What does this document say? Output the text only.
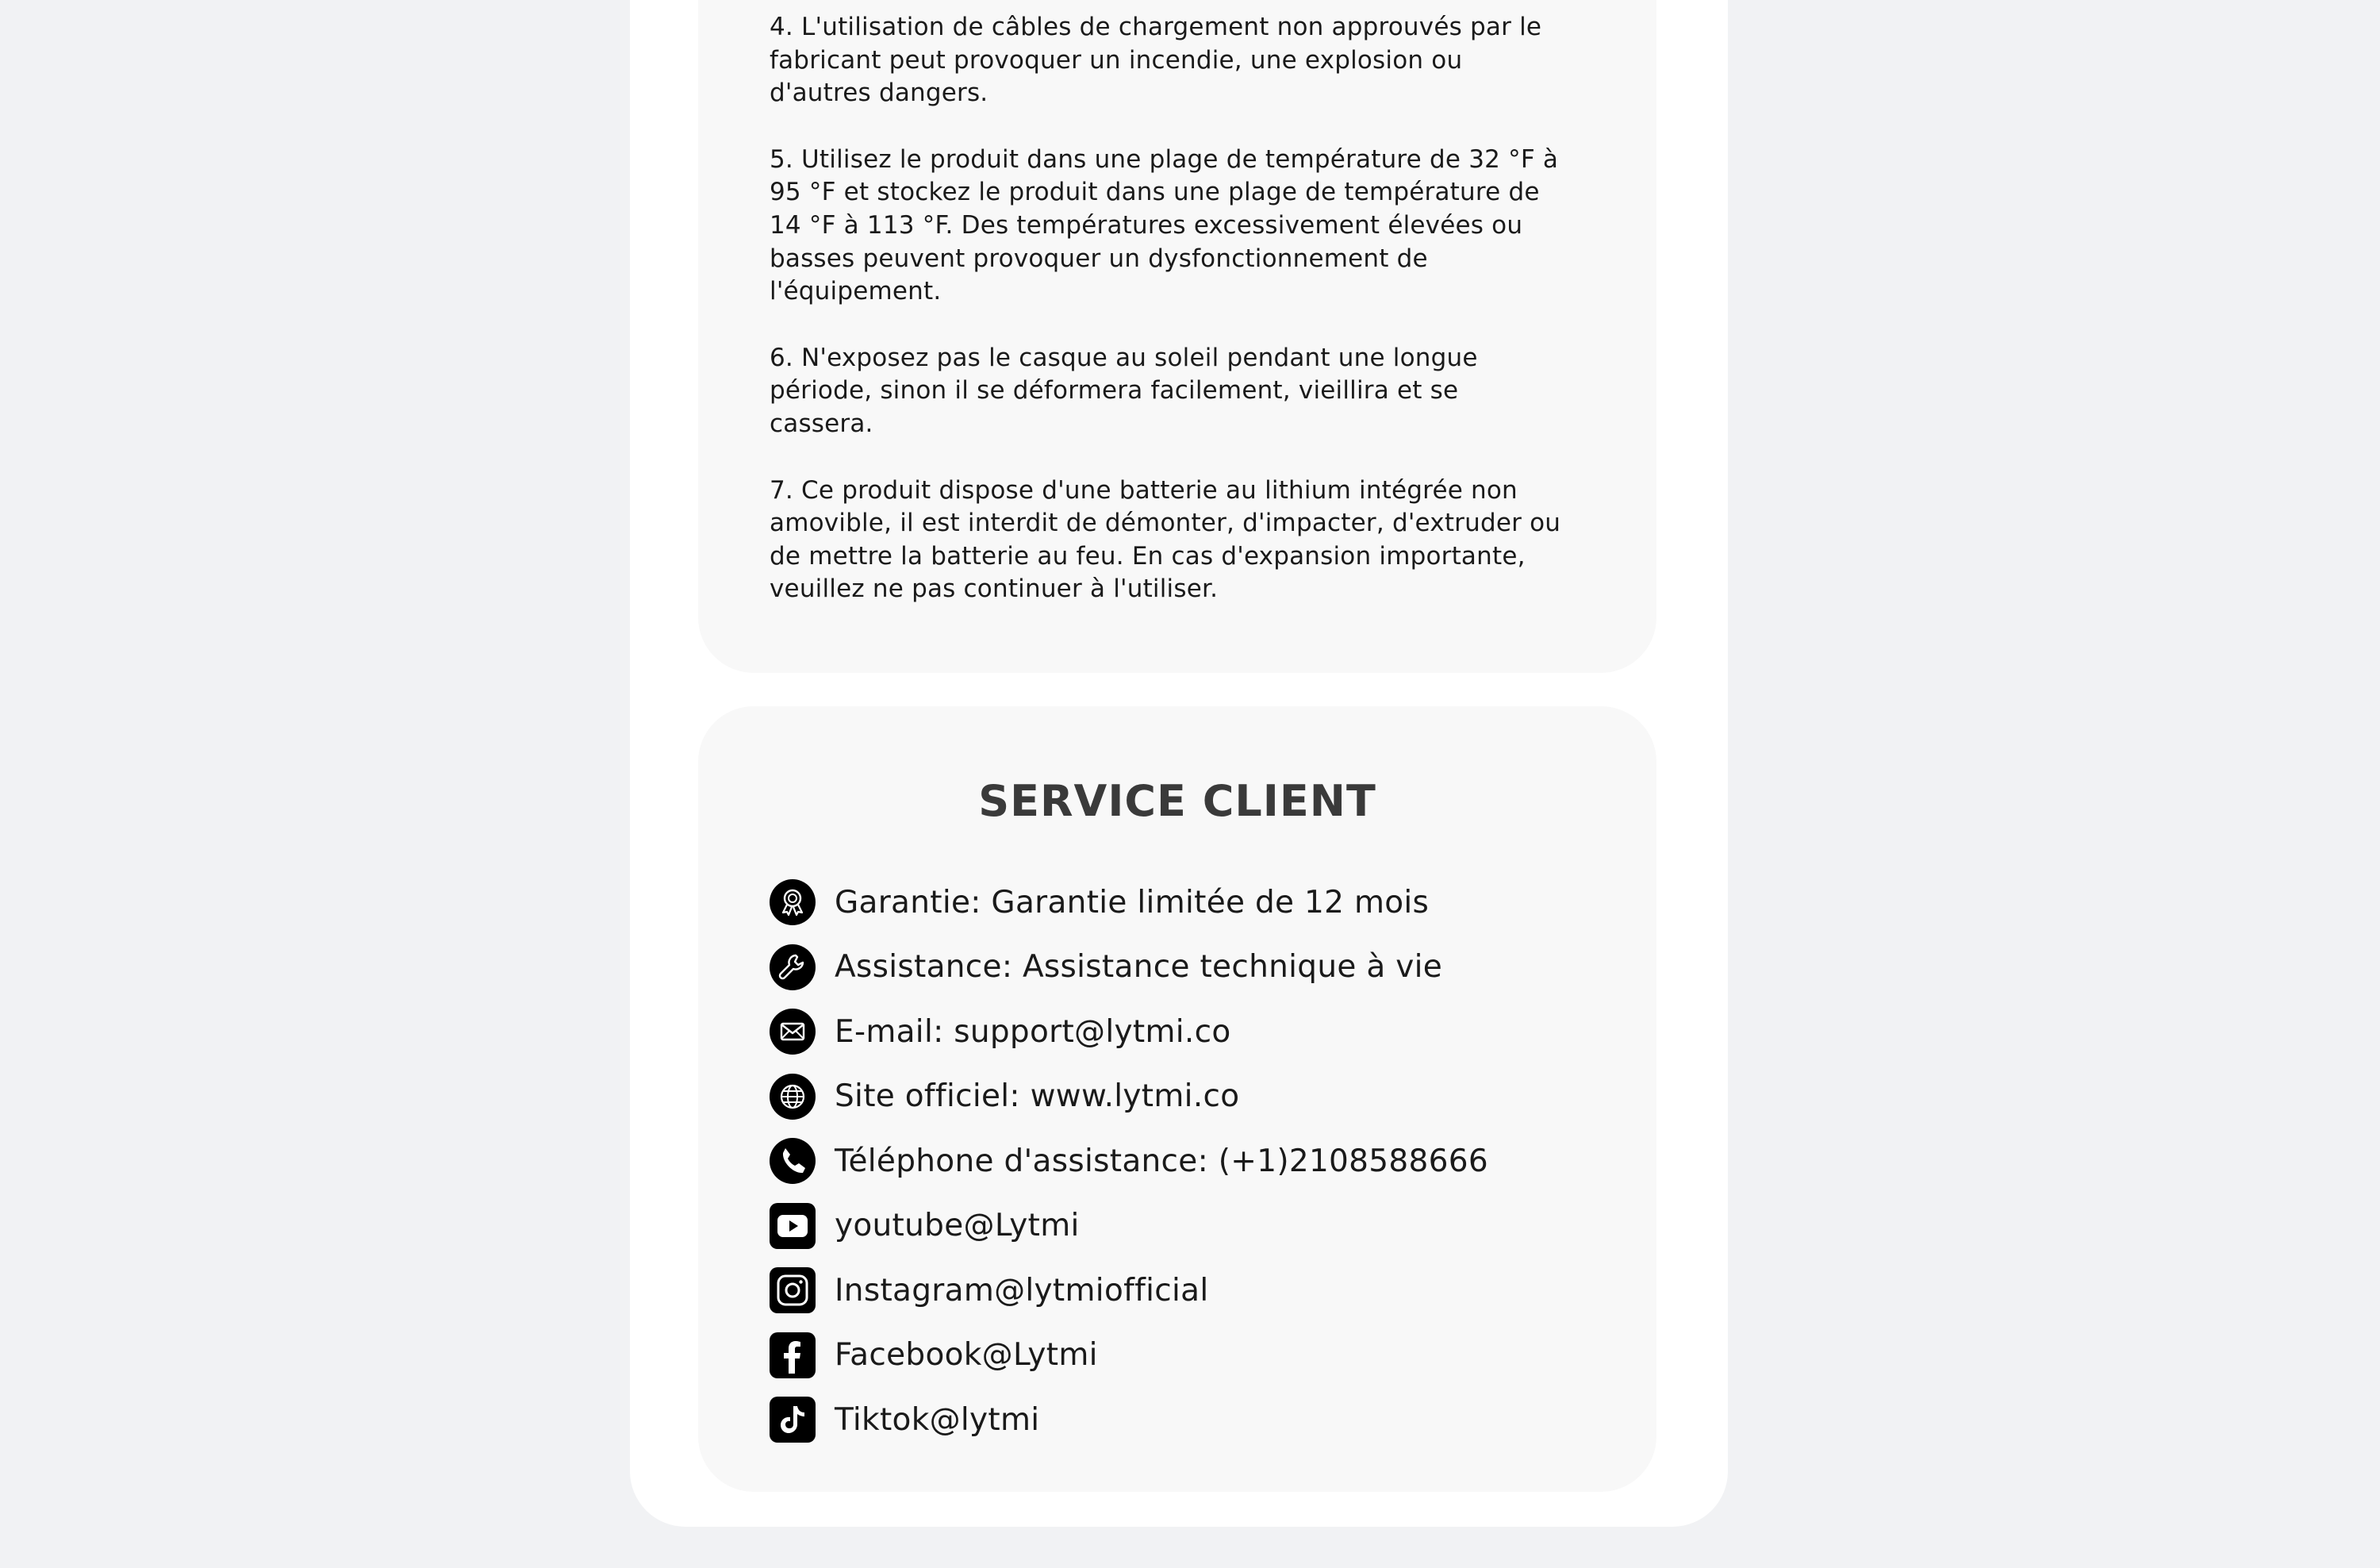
4. L'utilisation de câbles de chargement non approuvés par le fabricant peut provoquer un incendie, une explosion ou d'autres dangers.
5. Utilisez le produit dans une plage de température de 32 °F à 95 °F et stockez le produit dans une plage de température de 14 °F à 113 °F. Des températures excessivement élevées ou basses peuvent provoquer un dysfonctionnement de l'équipement.
6. N'exposez pas le casque au soleil pendant une longue période, sinon il se déformera facilement, vieillira et se cassera.
7. Ce produit dispose d'une batterie au lithium intégrée non amovible, il est interdit de démonter, d'impacter, d'extruder ou de mettre la batterie au feu. En cas d'expansion importante, veuillez ne pas continuer à l'utiliser.
SERVICE CLIENT
Garantie: Garantie limitée de 12 mois
Assistance: Assistance technique à vie
E-mail: support@lytmi.co
Site officiel: www.lytmi.co
Téléphone d'assistance: (+1)2108588666
youtube@Lytmi
Instagram@lytmiofficial
Facebook@Lytmi
Tiktok@lytmi
